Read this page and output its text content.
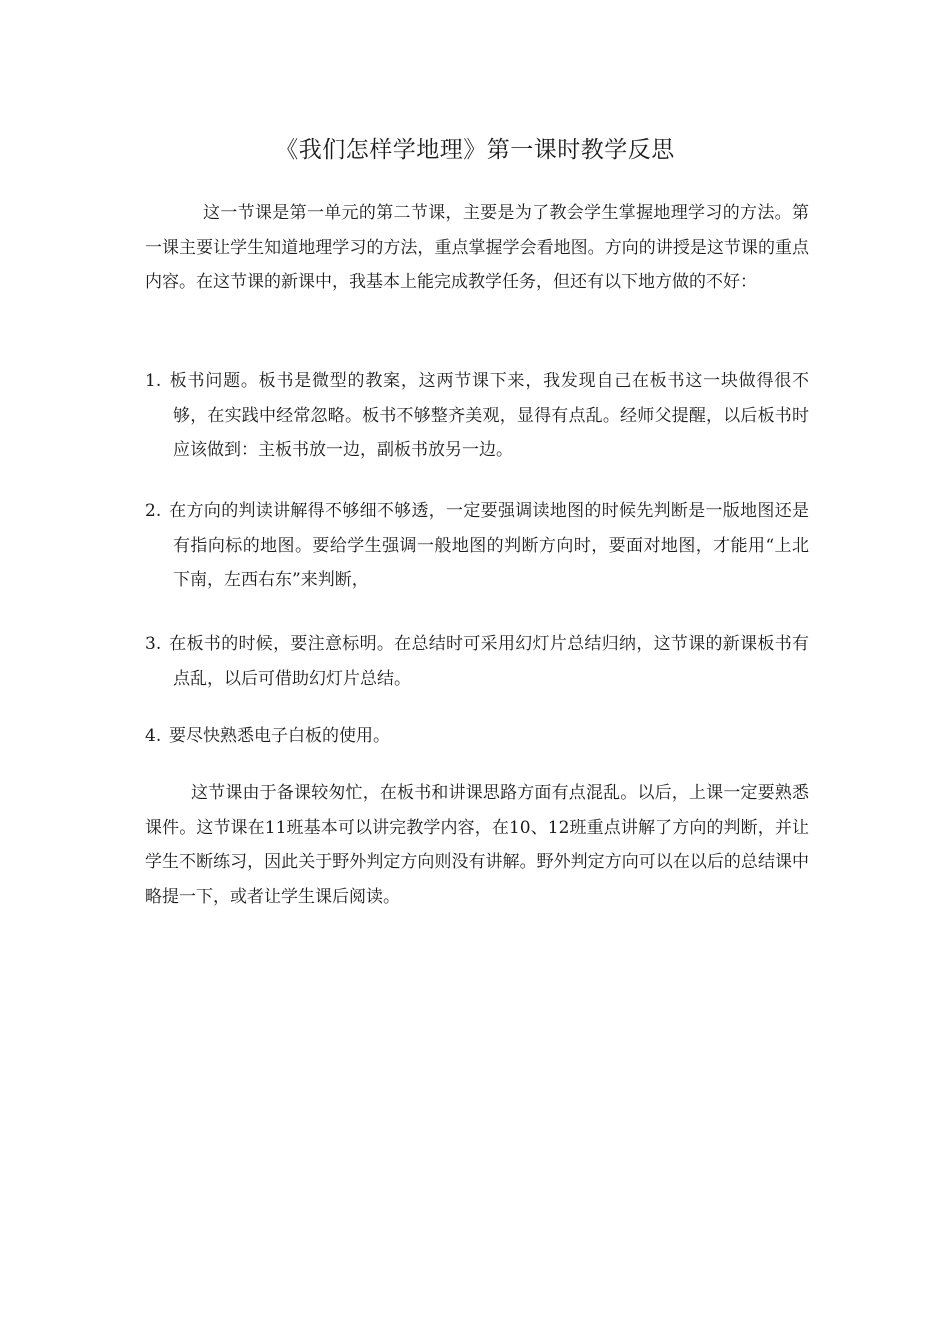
《我们怎样学地理》第一课时教学反思

这一节课是第一单元的第二节课，主要是为了教会学生掌握地理学习的方法。第一课主要让学生知道地理学习的方法，重点掌握学会看地图。方向的讲授是这节课的重点内容。在这节课的新课中，我基本上能完成教学任务，但还有以下地方做的不好：

1. 板书问题。板书是微型的教案，这两节课下来，我发现自己在板书这一块做得很不够，在实践中经常忽略。板书不够整齐美观，显得有点乱。经师父提醒，以后板书时应该做到：主板书放一边，副板书放另一边。

2. 在方向的判读讲解得不够细不够透，一定要强调读地图的时候先判断是一版地图还是有指向标的地图。要给学生强调一般地图的判断方向时，要面对地图，才能用“上北下南，左西右东”来判断，

3. 在板书的时候，要注意标明。在总结时可采用幻灯片总结归纳，这节课的新课板书有点乱，以后可借助幻灯片总结。

4. 要尽快熟悉电子白板的使用。

这节课由于备课较匆忙，在板书和讲课思路方面有点混乱。以后，上课一定要熟悉课件。这节课在11班基本可以讲完教学内容，在10、12班重点讲解了方向的判断，并让学生不断练习，因此关于野外判定方向则没有讲解。野外判定方向可以在以后的总结课中略提一下，或者让学生课后阅读。
